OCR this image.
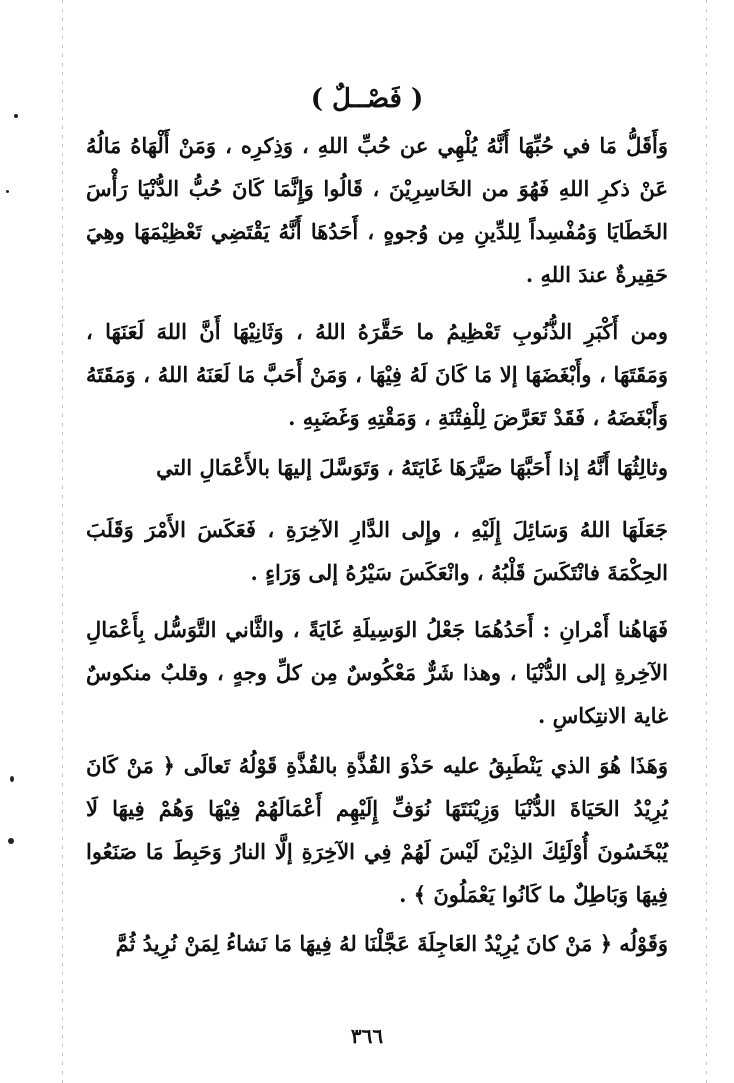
( فَصْــلٌ )
وَأَقَلُّ مَا في حُبِّهَا أَنَّهُ يُلْهِي عن حُبِّ اللهِ ، وَذِكرِه ، وَمَنْ أَلْهَاهُ مَالُهُ عَنْ ذكرِ اللهِ فَهُوَ من الخَاسِرِيْنَ ، قَالُوا وَإِنَّمَا كَانَ حُبُّ الدُّنْيَا رَأْسَ الخَطَايَا وَمُفْسِداً لِلدِّينِ مِن وُجوهٍ ، أَحَدُهَا أَنَّهُ يَقْتَضِي تَعْظِيْمَهَا وهِيَ حَقِيرةٌ عندَ اللهِ .
ومن أَكْبَرِ الذُّنُوبِ تَعْظِيمُ ما حَقَّرَهُ اللهُ ، وَثَانِيْهَا أَنَّ اللهَ لَعَنَهَا ، وَمَقَتَهَا ، وأَبْغَضَهَا إلا مَا كَانَ لَهُ فِيْهَا ، وَمَنْ أَحَبَّ مَا لَعَنَهُ اللهُ ، وَمَقَتَهُ وَأَبْغَضَهُ ، فَقَدْ تَعَرَّضَ لِلْفِتْنَةِ ، وَمَقْتِهِ وَغَضَبِهِ .
وثالِثُهَا أَنَّهُ إذا أَحَبَّهَا صَيَّرَهَا غَايَتَهُ ، وَتَوَسَّلَ إليهَا بالأَعْمَالِ التي
جَعَلَهَا اللهُ وَسَائِلَ إِلَيْهِ ، وإِلى الدَّارِ الآخِرَةِ ، فَعَكَسَ الأَمْرَ وَقَلَبَ الحِكْمَةَ فانْتَكَسَ قَلْبُهُ ، وانْعَكَسَ سَيْرُهُ إلى وَرَاءٍ .
فَهَاهُنا أَمْرانِ : أَحَدُهُمَا جَعْلُ الوَسِيلَةِ غَايَةً ، والثَّاني التَّوَسُّل بِأَعْمَالِ الآخِرةِ إلى الدُّنْيَا ، وهذا شَرٌّ مَعْكُوسٌ مِن كلِّ وجهٍ ، وقلبٌ منكوسٌ غاية الانتِكاسِ .
وَهَذَا هُوَ الذي يَنْطَبِقُ عليه حَذْوَ القُذَّةِ بالقُذَّةِ قَوْلُهُ تَعالَى ﴿ مَنْ كَانَ يُرِيْدُ الحَيَاةَ الدُّنْيَا وَزِيْنَتَهَا نُوَفِّ إِلَيْهِم أَعْمَالَهُمْ فِيْهَا وَهُمْ فِيهَا لَا يُبْخَسُونَ أُوْلَئِكَ الذِيْنَ لَيْسَ لَهُمْ فِي الآخِرَةِ إلَّا النارُ وَحَبِطَ مَا صَنَعُوا فِيهَا وَبَاطِلٌ ما كَانُوا يَعْمَلُونَ ﴾ .
وَقَوْلُه ﴿ مَنْ كانَ يُرِيْدُ العَاجِلَةَ عَجَّلْنَا لهُ فِيهَا مَا نَشاءُ لِمَنْ نُرِيدُ ثُمَّ
٣٦٦
